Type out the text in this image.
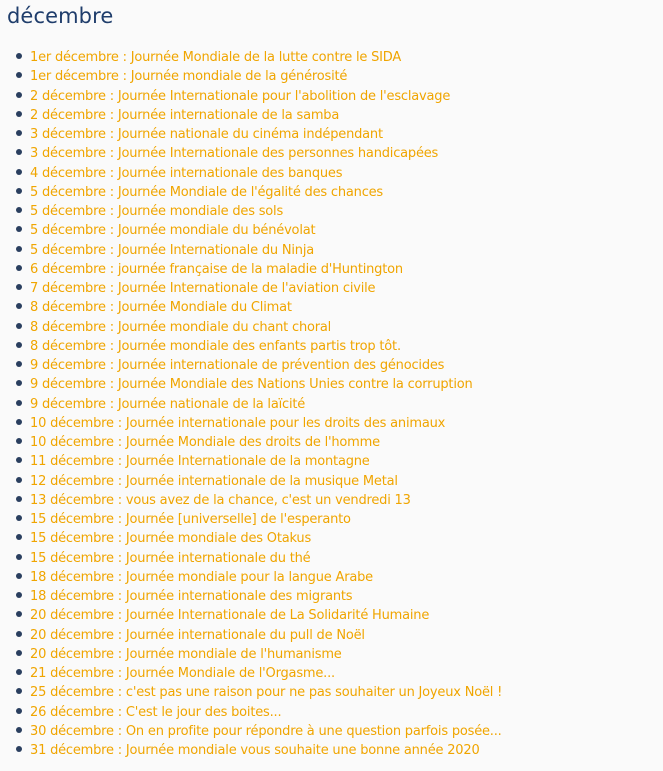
décembre
1er décembre : Journée Mondiale de la lutte contre le SIDA
1er décembre : Journée mondiale de la générosité
2 décembre : Journée Internationale pour l'abolition de l'esclavage
2 décembre : Journée internationale de la samba
3 décembre : Journée nationale du cinéma indépendant
3 décembre : Journée Internationale des personnes handicapées
4 décembre : Journée internationale des banques
5 décembre : Journée Mondiale de l'égalité des chances
5 décembre : Journée mondiale des sols
5 décembre : Journée mondiale du bénévolat
5 décembre : Journée Internationale du Ninja
6 décembre : journée française de la maladie d'Huntington
7 décembre : Journée Internationale de l'aviation civile
8 décembre : Journée Mondiale du Climat
8 décembre : Journée mondiale du chant choral
8 décembre : Journée mondiale des enfants partis trop tôt.
9 décembre : Journée internationale de prévention des génocides
9 décembre : Journée Mondiale des Nations Unies contre la corruption
9 décembre : Journée nationale de la laïcité
10 décembre : Journée internationale pour les droits des animaux
10 décembre : Journée Mondiale des droits de l'homme
11 décembre : Journée Internationale de la montagne
12 décembre : Journée internationale de la musique Metal
13 décembre : vous avez de la chance, c'est un vendredi 13
15 décembre : Journée [universelle] de l'esperanto
15 décembre : Journée mondiale des Otakus
15 décembre : Journée internationale du thé
18 décembre : Journée mondiale pour la langue Arabe
18 décembre : Journée internationale des migrants
20 décembre : Journée Internationale de La Solidarité Humaine
20 décembre : Journée internationale du pull de Noël
20 décembre : Journée mondiale de l'humanisme
21 décembre : Journée Mondiale de l'Orgasme...
25 décembre : c'est pas une raison pour ne pas souhaiter un Joyeux Noël !
26 décembre : C'est le jour des boites...
30 décembre : On en profite pour répondre à une question parfois posée...
31 décembre : Journée mondiale vous souhaite une bonne année 2020
